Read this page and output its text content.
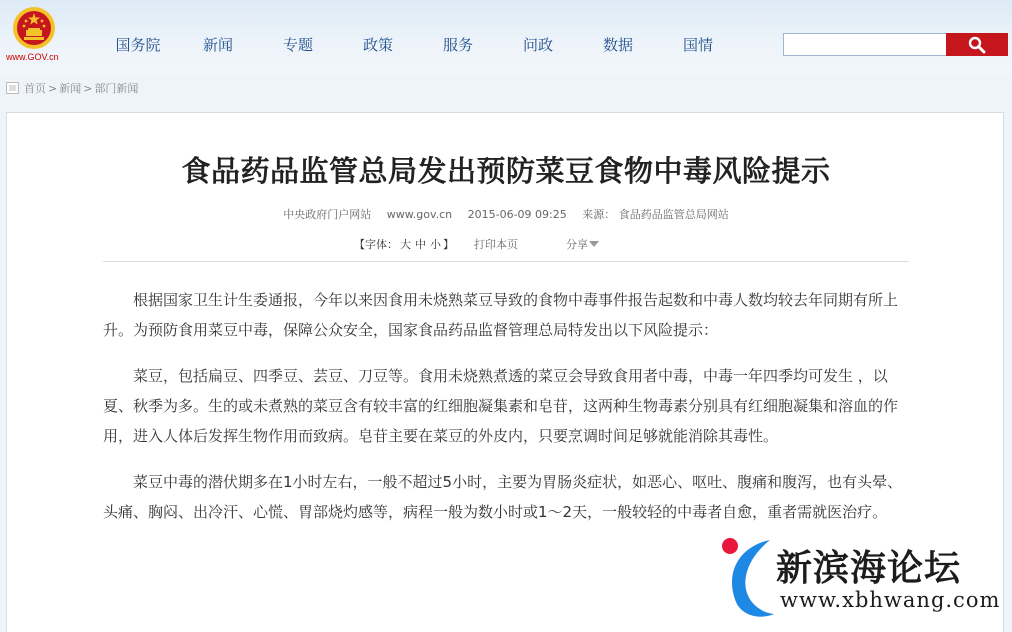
www.GOV.cn
国务院	新闻	专题	政策	服务	问政	数据	国情
首页 > 新闻 > 部门新闻
食品药品监管总局发出预防菜豆食物中毒风险提示
中央政府门户网站 www.gov.cn 2015-06-09 09:25 来源： 食品药品监管总局网站
【字体： 大 中 小 】 打印本页	分享

根据国家卫生计生委通报，今年以来因食用未烧熟菜豆导致的食物中毒事件报告起数和中毒人数均较去年同期有所上升。为预防食用菜豆中毒，保障公众安全，国家食品药品监督管理总局特发出以下风险提示：

菜豆，包括扁豆、四季豆、芸豆、刀豆等。食用未烧熟煮透的菜豆会导致食用者中毒，中毒一年四季均可发生 ，以夏、秋季为多。生的或未煮熟的菜豆含有较丰富的红细胞凝集素和皂苷，这两种生物毒素分别具有红细胞凝集和溶血的作用，进入人体后发挥生物作用而致病。皂苷主要在菜豆的外皮内，只要烹调时间足够就能消除其毒性。

菜豆中毒的潜伏期多在1小时左右，一般不超过5小时，主要为胃肠炎症状，如恶心、呕吐、腹痛和腹泻，也有头晕、头痛、胸闷、出冷汗、心慌、胃部烧灼感等，病程一般为数小时或1～2天，一般较轻的中毒者自愈，重者需就医治疗。

新滨海论坛
www.xbhwang.com
